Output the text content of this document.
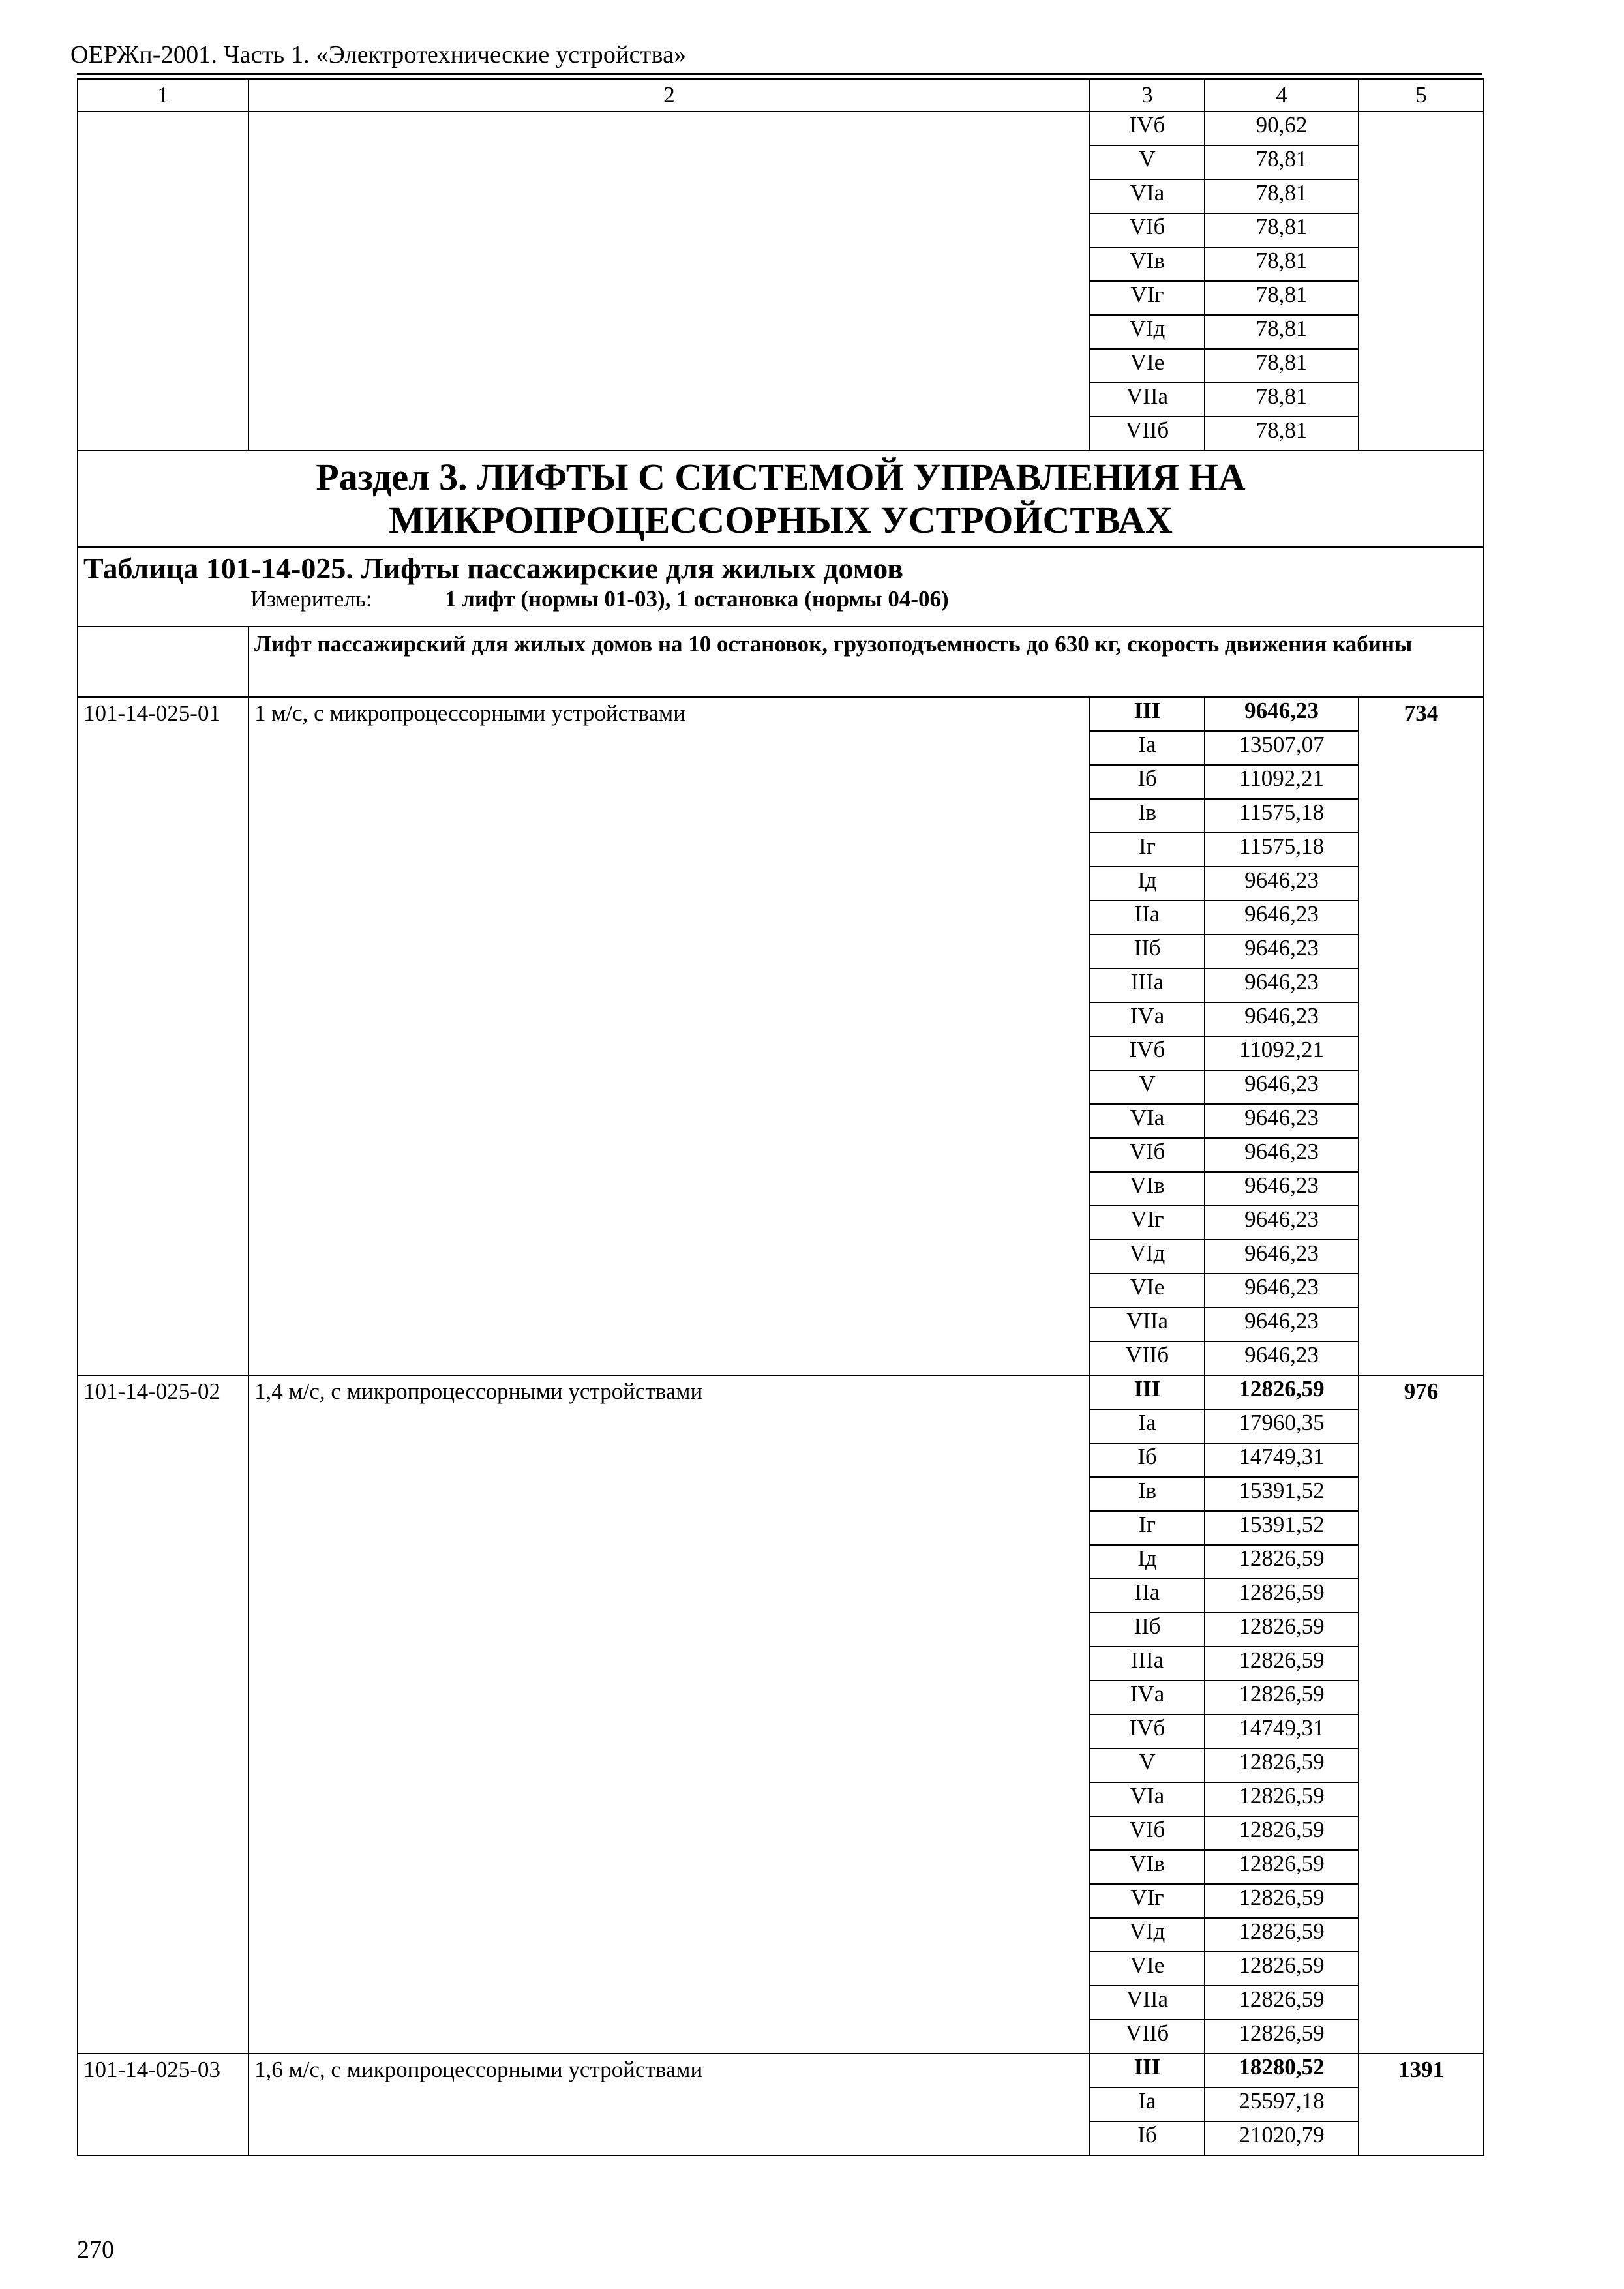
ОЕРЖп-2001. Часть 1. «Электротехнические устройства»
1	2	3	4	5
		IVб	90,62	
		V	78,81	
		VIа	78,81	
		VIб	78,81	
		VIв	78,81	
		VIг	78,81	
		VIд	78,81	
		VIе	78,81	
		VIIа	78,81	
		VIIб	78,81	

Раздел 3. ЛИФТЫ С СИСТЕМОЙ УПРАВЛЕНИЯ НА
МИКРОПРОЦЕССОРНЫХ УСТРОЙСТВАХ				

Таблица 101-14-025. Лифты пассажирские для жилых домов
Измеритель: 1 лифт (нормы 01-03), 1 остановка (нормы 04-06)				

	Лифт пассажирский для жилых домов на 10 остановок, грузоподъемность до 630 кг, скорость движения кабины			
101-14-025-01	1 м/с, с микропроцессорными устройствами	III	9646,23	734
		Iа	13507,07	
		Iб	11092,21	
		Iв	11575,18	
		Iг	11575,18	
		Iд	9646,23	
		IIа	9646,23	
		IIб	9646,23	
		IIIа	9646,23	
		IVа	9646,23	
		IVб	11092,21	
		V	9646,23	
		VIа	9646,23	
		VIб	9646,23	
		VIв	9646,23	
		VIг	9646,23	
		VIд	9646,23	
		VIе	9646,23	
		VIIа	9646,23	
		VIIб	9646,23	
101-14-025-02	1,4 м/с, с микропроцессорными устройствами	III	12826,59	976
		Iа	17960,35	
		Iб	14749,31	
		Iв	15391,52	
		Iг	15391,52	
		Iд	12826,59	
		IIа	12826,59	
		IIб	12826,59	
		IIIа	12826,59	
		IVа	12826,59	
		IVб	14749,31	
		V	12826,59	
		VIа	12826,59	
		VIб	12826,59	
		VIв	12826,59	
		VIг	12826,59	
		VIд	12826,59	
		VIе	12826,59	
		VIIа	12826,59	
		VIIб	12826,59	
101-14-025-03	1,6 м/с, с микропроцессорными устройствами	III	18280,52	1391
		Iа	25597,18	
		Iб	21020,79	
270
